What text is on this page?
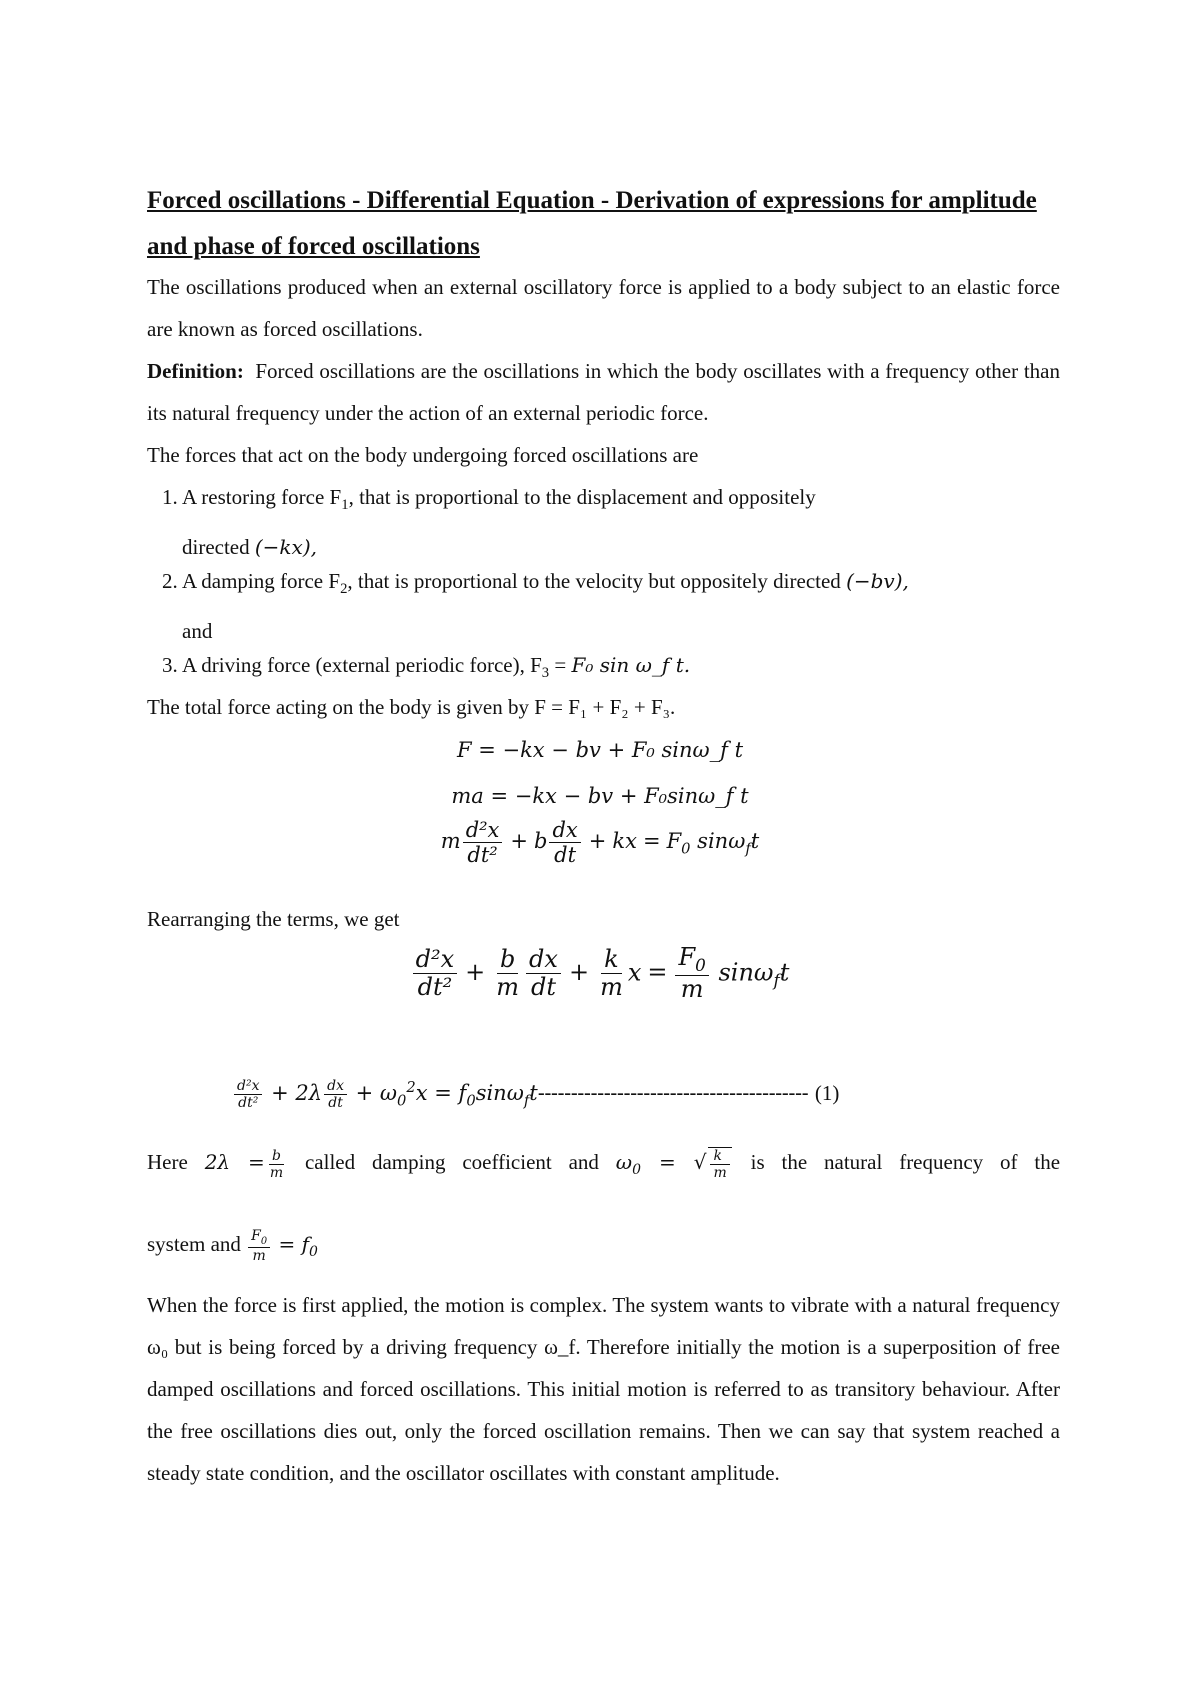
Forced oscillations - Differential Equation - Derivation of expressions for amplitude and phase of forced oscillations

The oscillations produced when an external oscillatory force is applied to a body subject to an elastic force are known as forced oscillations.

Definition: Forced oscillations are the oscillations in which the body oscillates with a frequency other than its natural frequency under the action of an external periodic force.

The forces that act on the body undergoing forced oscillations are

1. A restoring force $F_1$, that is proportional to the displacement and oppositely
directed (−kx),
2. A damping force $F_2$, that is proportional to the velocity but oppositely directed (−bv),
and
3. A driving force (external periodic force), $F_3 = F_0$ sin ω_f t.

The total force acting on the body is given by F = F₁ + F₂ + F₃.

F = −kx − bv + F₀ sinω_f t
ma = −kx − bv + F₀sinω_f t
m $\frac{\text{d²x}}{\text{dt²}} + b \frac{dx}{dt}$ + kx = $F_0$ sinω$_f$t

Rearranging the terms, we get

$\frac{\text{d²x}}{\text{dt²}} + \frac{b}{m} \frac{dx}{dt} + \frac{k}{m}$ $x = \frac{F_0}{m} \sin\omega_ft$
$\frac{\text{d²x}}{\text{dt²}} + 2\lambda \frac{dx}{dt} + \omega_0^2x = f_0\sin\omega_ft-----------------------------------------$ (1)
Here $2\lambda = \frac{b}{m}$ called damping coefficient and $\omega_0$ = √ $\frac{k}{m}$ is the natural frequency of the
system and $\frac{F_0}{m} = f_0$

When the force is first applied, the motion is complex. The system wants to vibrate with a natural frequency ω₀ but is being forced by a driving frequency ω_f. Therefore initially the motion is a superposition of free damped oscillations and forced oscillations. This initial motion is referred to as transitory behaviour. After the free oscillations dies out, only the forced oscillation remains. Then we can say that system reached a steady state condition, and the oscillator oscillates with constant amplitude.
